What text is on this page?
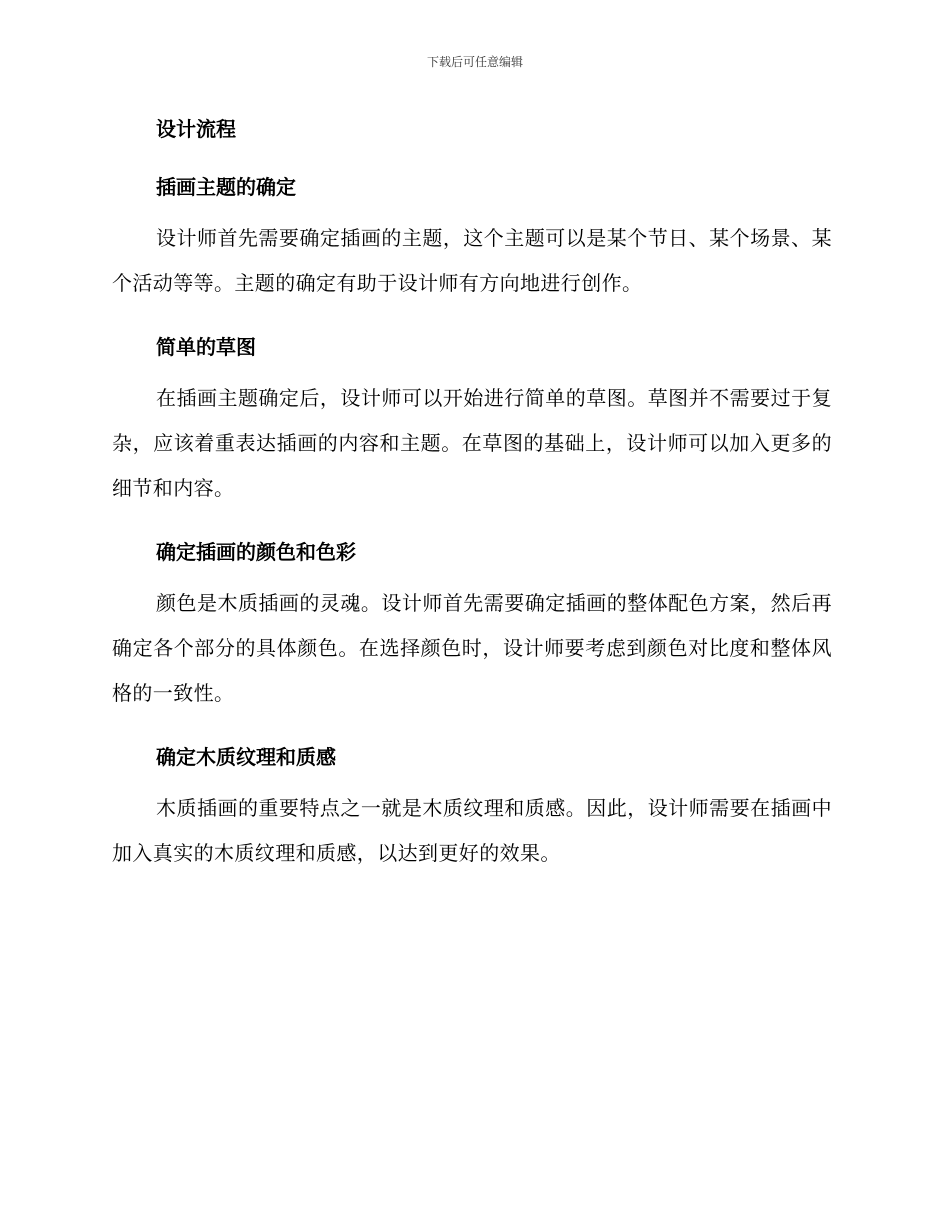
下载后可任意编辑
设计流程
插画主题的确定

设计师首先需要确定插画的主题，这个主题可以是某个节日、某个场景、某个活动等等。主题的确定有助于设计师有方向地进行创作。

简单的草图

在插画主题确定后，设计师可以开始进行简单的草图。草图并不需要过于复杂，应该着重表达插画的内容和主题。在草图的基础上，设计师可以加入更多的细节和内容。

确定插画的颜色和色彩

颜色是木质插画的灵魂。设计师首先需要确定插画的整体配色方案，然后再确定各个部分的具体颜色。在选择颜色时，设计师要考虑到颜色对比度和整体风格的一致性。

确定木质纹理和质感

木质插画的重要特点之一就是木质纹理和质感。因此，设计师需要在插画中加入真实的木质纹理和质感，以达到更好的效果。
